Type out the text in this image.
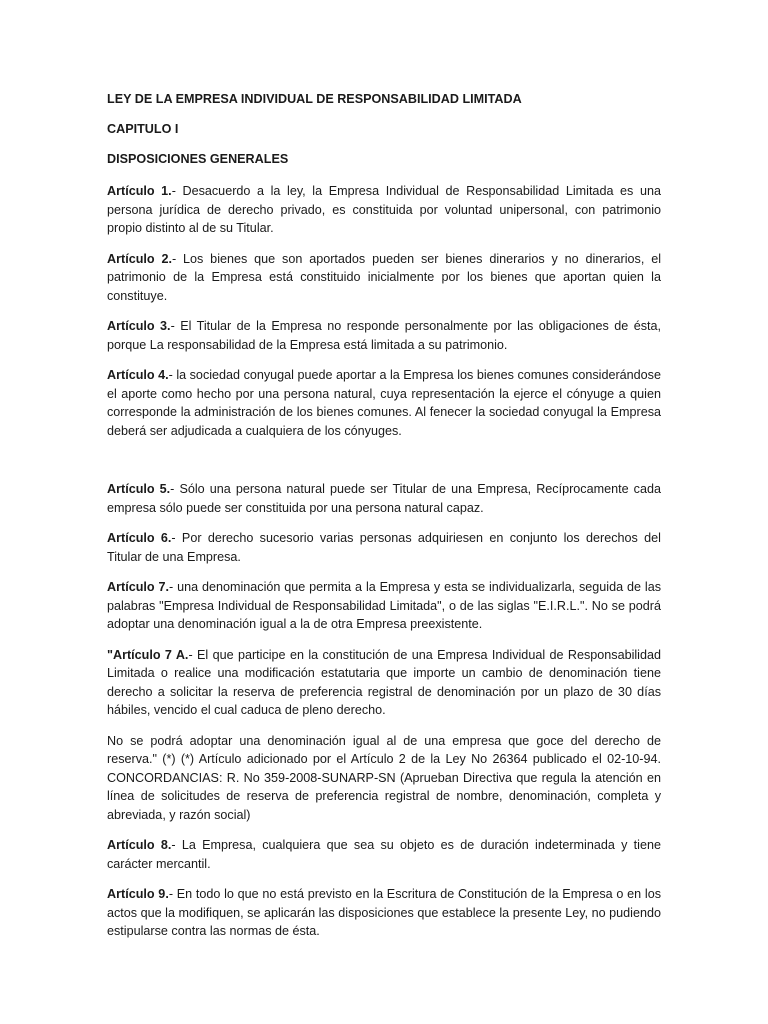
LEY DE LA EMPRESA INDIVIDUAL DE RESPONSABILIDAD LIMITADA

CAPITULO I

DISPOSICIONES GENERALES

Artículo 1.- Desacuerdo a la ley, la Empresa Individual de Responsabilidad Limitada es una persona jurídica de derecho privado, es constituida por voluntad unipersonal, con patrimonio propio distinto al de su Titular.

Artículo 2.- Los bienes que son aportados pueden ser bienes dinerarios y no dinerarios, el patrimonio de la Empresa está constituido inicialmente por los bienes que aportan quien la constituye.

Artículo 3.- El Titular de la Empresa no responde personalmente por las obligaciones de ésta, porque La responsabilidad de la Empresa está limitada a su patrimonio.

Artículo 4.- la sociedad conyugal puede aportar a la Empresa los bienes comunes considerándose el aporte como hecho por una persona natural, cuya representación la ejerce el cónyuge a quien corresponde la administración de los bienes comunes. Al fenecer la sociedad conyugal la Empresa deberá ser adjudicada a cualquiera de los cónyuges.

Artículo 5.- Sólo una persona natural puede ser Titular de una Empresa, Recíprocamente cada empresa sólo puede ser constituida por una persona natural capaz.

Artículo 6.- Por derecho sucesorio varias personas adquiriesen en conjunto los derechos del Titular de una Empresa.

Artículo 7.- una denominación que permita a la Empresa y esta se individualizarla, seguida de las palabras "Empresa Individual de Responsabilidad Limitada", o de las siglas "E.I.R.L.". No se podrá adoptar una denominación igual a la de otra Empresa preexistente.

"Artículo 7 A.- El que participe en la constitución de una Empresa Individual de Responsabilidad Limitada o realice una modificación estatutaria que importe un cambio de denominación tiene derecho a solicitar la reserva de preferencia registral de denominación por un plazo de 30 días hábiles, vencido el cual caduca de pleno derecho.

No se podrá adoptar una denominación igual al de una empresa que goce del derecho de reserva." (*) (*) Artículo adicionado por el Artículo 2 de la Ley No 26364 publicado el 02-10-94. CONCORDANCIAS: R. No 359-2008-SUNARP-SN (Aprueban Directiva que regula la atención en línea de solicitudes de reserva de preferencia registral de nombre, denominación, completa y abreviada, y razón social)

Artículo 8.- La Empresa, cualquiera que sea su objeto es de duración indeterminada y tiene carácter mercantil.

Artículo 9.- En todo lo que no está previsto en la Escritura de Constitución de la Empresa o en los actos que la modifiquen, se aplicarán las disposiciones que establece la presente Ley, no pudiendo estipularse contra las normas de ésta.
